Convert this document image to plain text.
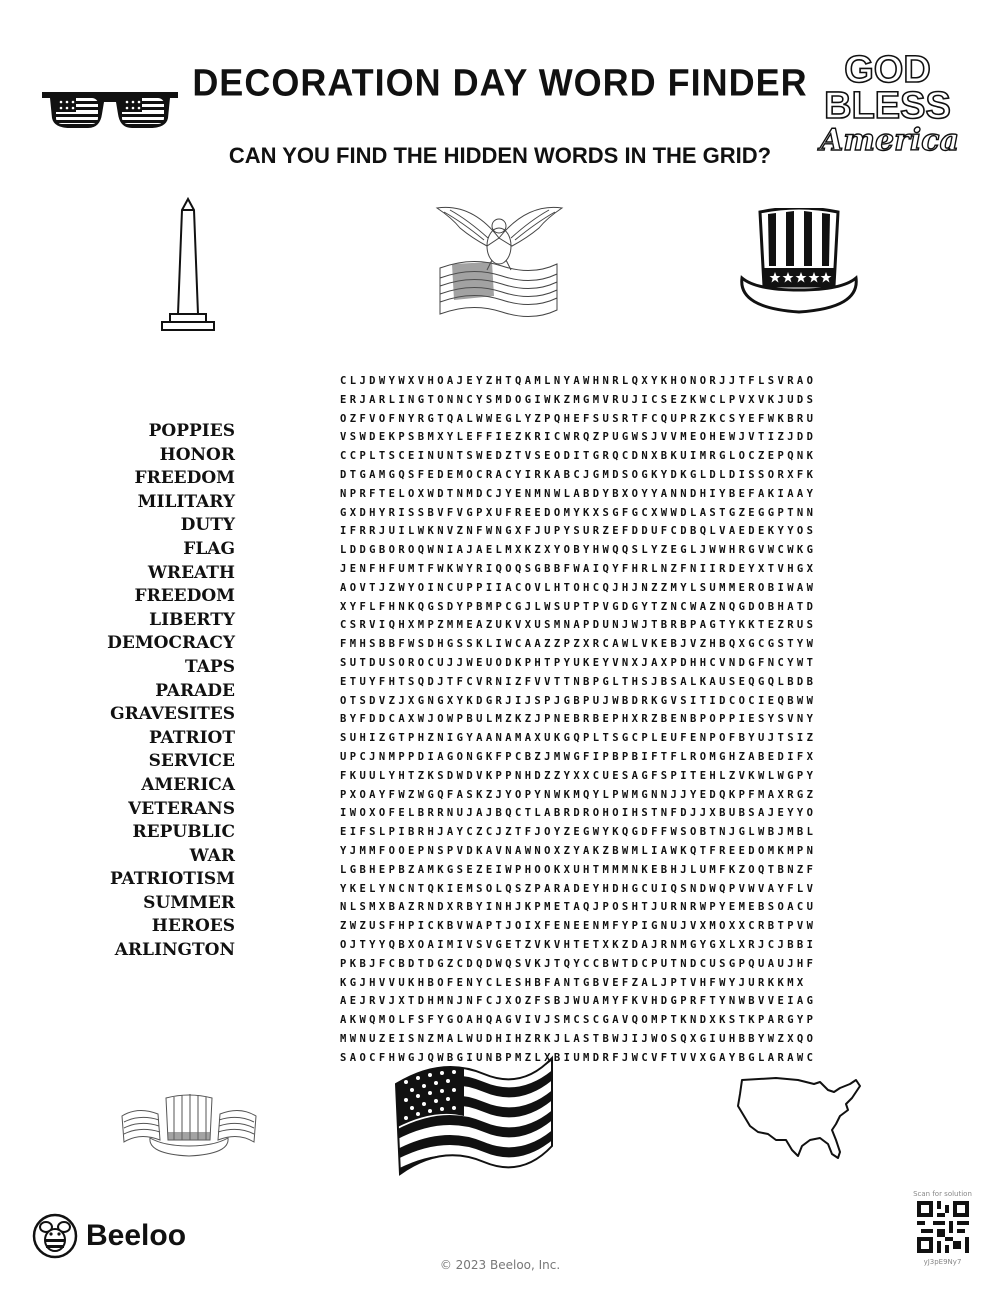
DECORATION DAY WORD FINDER
CAN YOU FIND THE HIDDEN WORDS IN THE GRID?
GOD
BLESS
America
POPPIES
HONOR
FREEDOM
MILITARY
DUTY
FLAG
WREATH
FREEDOM
LIBERTY
DEMOCRACY
TAPS
PARADE
GRAVESITES
PATRIOT
SERVICE
AMERICA
VETERANS
REPUBLIC
WAR
PATRIOTISM
SUMMER
HEROES
ARLINGTON
CLJDWYWXVHOAJEYZHTQAMLNYAWHNRLQXYKHONORJJTFLSVRAO
ERJARLINGTONNCYSMDOGIWKZMGMVRUJICSEZKWCLPVXVKJUDS
OZFVOFNYRGTQALWWEGLYZPQHEFSUSRTFCQUPRZKCSYEFWKBRU
VSWDEKPSBMXYLEFFIEZKRICWRQZPUGWSJVVMEOHEWJVTIZJDD
CCPLTSCEINUNTSWEDZTVSEODITGRQCDNXBKUIMRGLOCZEPQNK
DTGAMGQSFEDEMOCRACYIRKABCJGMDSOGKYDKGLDLDISSORXFK
NPRFTELOXWDTNMDCJYENMNWLABDYBXOYYANNDHIYBEFAKIAAY
GXDHYRISSBVFVGPXUFREEDOMYKXSGFGCXWWDLASTGZEGGPTNN
IFRRJUILWKNVZNFWNGXFJUPYSURZEFDDUFCDBQLVAEDEKYYOS
LDDGBOROQWNIAJAELMXKZXYOBYHWQQSLYZEGLJWWHRGVWCWKG
JENFHFUMTFWKWYRIQOQSGBBFWAIQYFHRLNZFNIIRDEYXTVHGX
AOVTJZWYOINCUPPIIACOVLHTOHCQJHJNZZMYLSUMMEROBIWAW
XYFLFHNKQGSDYPBMPCGJLWSUPTPVGDGYTZNCWAZNQGDOBHATD
CSRVIQHXMPZMMEAZUKVXUSMNAPDUNJWJTBRBPAGTYKKTEZRUS
FMHSBBFWSDHGSSKLIWCAAZZPZXRCAWLVKEBJVZHBQXGCGSTYW
SUTDUSOROCUJJWEUODKPHTPYUKEYVNXJAXPDHHCVNDGFNCYWT
ETUYFHTSQDJTFCVRNIZFVVTTNBPGLTHSJBSALKAUSEQGQLBDB
OTSDVZJXGNGXYKDGRJIJSPJGBPUJWBDRKGVSITIDCOCIEQBWW
BYFDDCAXWJOWPBULMZKZJPNEBRBEPHXRZBENBPOPPIESYSVNY
SUHIZGTPHZNIGYAANAMAXUKGQPLTSGCPLEUFENPOFBYUJTSIZ
UPCJNMPPDIAGONGKFPCBZJMWGFIPBPBIFTFLROMGHZABEDIFX
FKUULYHTZKSDWDVKPPNHDZZYXXCUESAGFSPITEHLZVKWLWGPY
PXOAYFWZWGQFASKZJYOPYNWKMQYLPWMGNNJJYEDQKPFMAXRGZ
IWOXOFELBRRNUJAJBQCTLABRDROHOIHSTNFDJJXBUBSAJEYYO
EIFSLPIBRHJAYCZCJZTFJOYZEGWYKQGDFFWSOBTNJGLWBJMBL
YJMMFOOEPNSPVDKAVNAWNOXZYAKZBWMLIAWKQTFREEDOMKMPN
LGBHEPBZAMKGSEZEIWPHOOKXUHTMMMNKEBHJLUMFKZOQTBNZF
YKELYNCNTQKIEMSOLQSZPARADEYHDHGCUIQSNDWQPVWVAYFLV
NLSMXBAZRNDXRBYINHJKPMETAQJPOSHTJURNRWPYEMEBSOACU
ZWZUSFHPICKBVWAPTJOIXFENEENMFYPIGNUJVXMOXXCRBTPVW
OJTYYQBXOAIMIVSVGETZVKVHTETXKZDAJRNMGYGXLXRJCJBBI
PKBJFCBDTDGZCDQDWQSVKJTQYCCBWTDCPUTNDCUSGPQUAUJHF
KGJHVVUKHBOFENYCLESHBFANTGBVEFZALJPTVHFWYJURKKMX
AEJRVJXTDHMNJNFCJXOZFSBJWUAMYFKVHDGPRFTYNWBVVEIAG
AKWQMOLFSFYGOAHQAGVIVJSMCSCGAVQOMPTKNDXKSTKPARGYP
MWNUZEISNZMALWUDHIHZRKJLASTBWJIJWOSQXGIUHBBYWZXQO
SAOCFHWGJQWBGIUNBPMZLXBIUMDRFJWCVFTVVXGAYBGLARAWC
Beeloo
© 2023 Beeloo, Inc.
Scan for solution
yJ3pE9Ny7
